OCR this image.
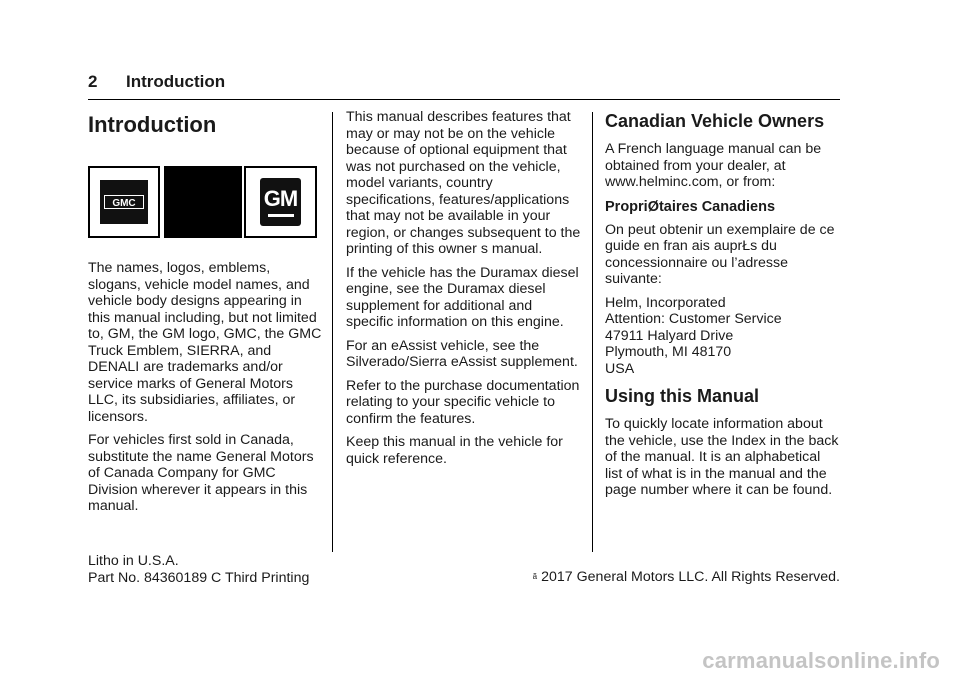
2 Introduction
Introduction
GMC	GM

The names, logos, emblems, slogans, vehicle model names, and vehicle body designs appearing in this manual including, but not limited to, GM, the GM logo, GMC, the GMC Truck Emblem, SIERRA, and DENALI are trademarks and/or service marks of General Motors LLC, its subsidiaries, affiliates, or licensors.

For vehicles first sold in Canada, substitute the name General Motors of Canada Company for GMC Division wherever it appears in this manual.

This manual describes features that may or may not be on the vehicle because of optional equipment that was not purchased on the vehicle, model variants, country specifications, features/applications that may not be available in your region, or changes subsequent to the printing of this owner s manual.

If the vehicle has the Duramax diesel engine, see the Duramax diesel supplement for additional and specific information on this engine.

For an eAssist vehicle, see the Silverado/Sierra eAssist supplement.

Refer to the purchase documentation relating to your specific vehicle to confirm the features.

Keep this manual in the vehicle for quick reference.

Canadian Vehicle Owners

A French language manual can be obtained from your dealer, at www.helminc.com, or from:

PropriØtaires Canadiens

On peut obtenir un exemplaire de ce guide en fran ais auprŁs du concessionnaire ou l’adresse suivante:

Helm, Incorporated

Attention: Customer Service

47911 Halyard Drive

Plymouth, MI 48170

USA

Using this Manual

To quickly locate information about the vehicle, use the Index in the back of the manual. It is an alphabetical list of what is in the manual and the page number where it can be found.

Litho in U.S.A.
Part No. 84360189 C Third Printing	$^ã$ 2017 General Motors LLC. All Rights Reserved.
carmanualsonline.info
